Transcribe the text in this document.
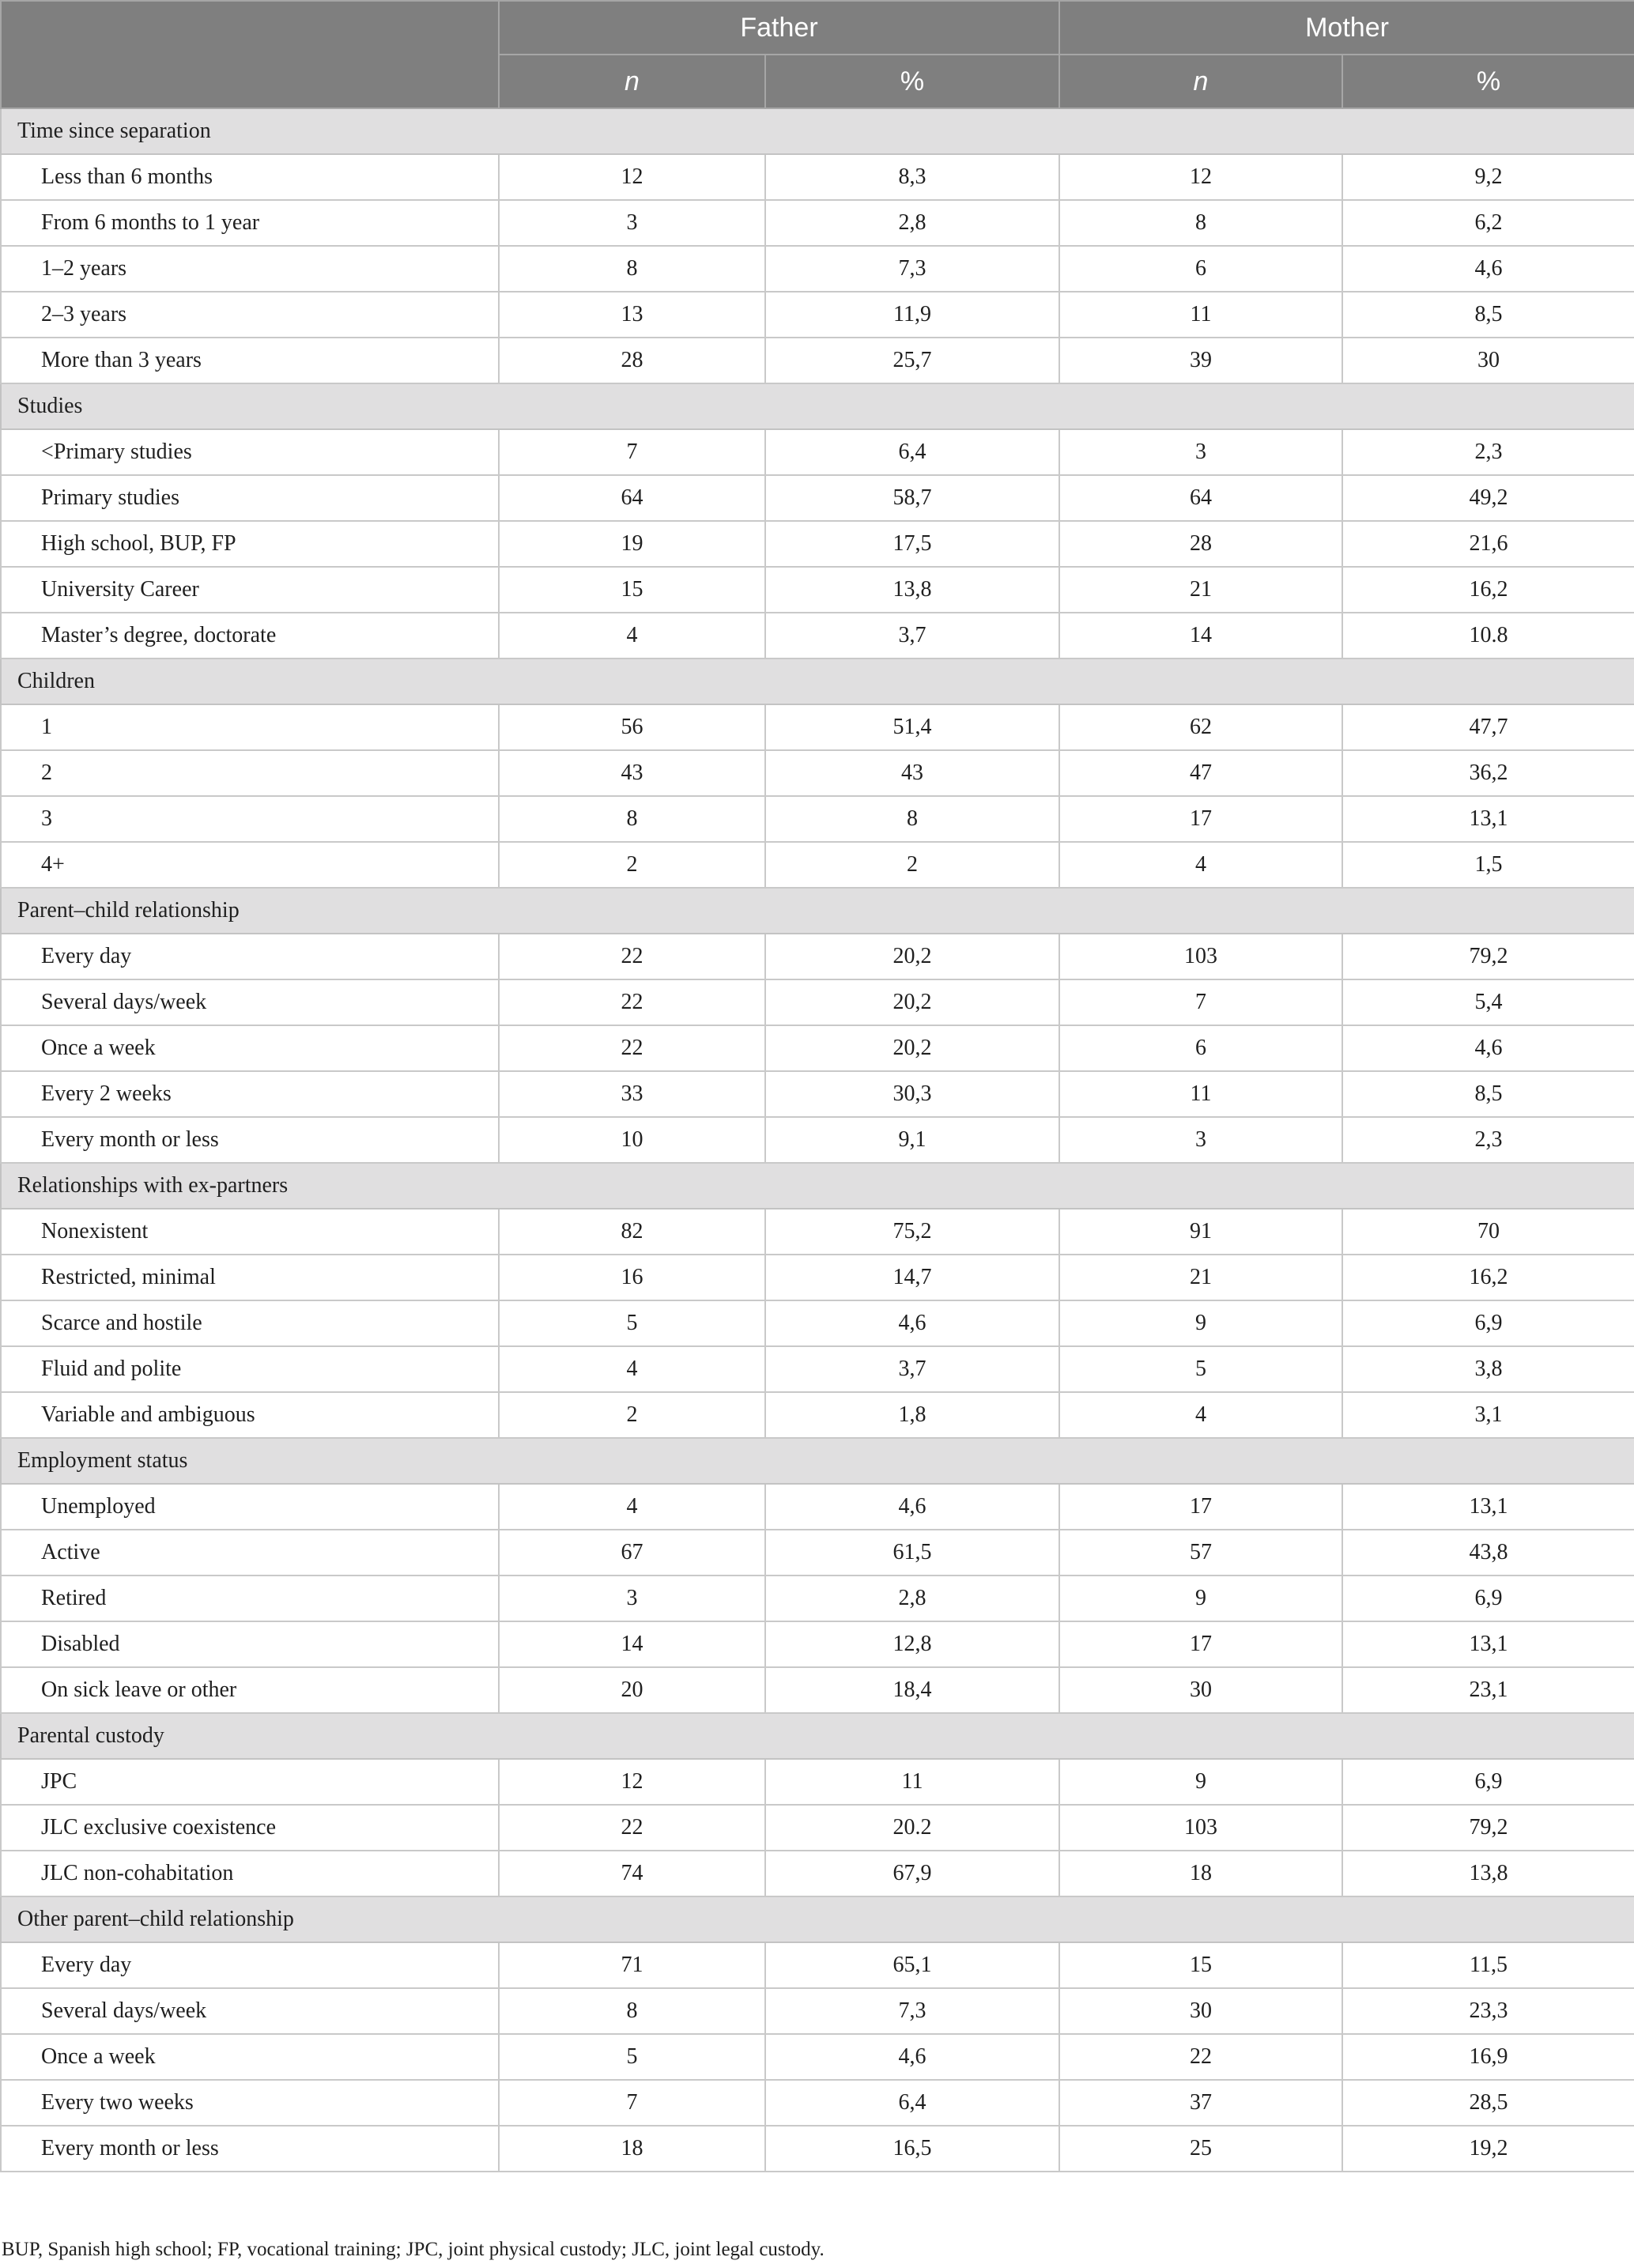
	Father		Mother	
	n	%	n	%
Time since separation				
Less than 6 months	12	8,3	12	9,2
From 6 months to 1 year	3	2,8	8	6,2
1–2 years	8	7,3	6	4,6
2–3 years	13	11,9	11	8,5
More than 3 years	28	25,7	39	30
Studies				
<Primary studies	7	6,4	3	2,3
Primary studies	64	58,7	64	49,2
High school, BUP, FP	19	17,5	28	21,6
University Career	15	13,8	21	16,2
Master’s degree, doctorate	4	3,7	14	10.8
Children				
1	56	51,4	62	47,7
2	43	43	47	36,2
3	8	8	17	13,1
4+	2	2	4	1,5
Parent–child relationship				
Every day	22	20,2	103	79,2
Several days/week	22	20,2	7	5,4
Once a week	22	20,2	6	4,6
Every 2 weeks	33	30,3	11	8,5
Every month or less	10	9,1	3	2,3
Relationships with ex-partners				
Nonexistent	82	75,2	91	70
Restricted, minimal	16	14,7	21	16,2
Scarce and hostile	5	4,6	9	6,9
Fluid and polite	4	3,7	5	3,8
Variable and ambiguous	2	1,8	4	3,1
Employment status				
Unemployed	4	4,6	17	13,1
Active	67	61,5	57	43,8
Retired	3	2,8	9	6,9
Disabled	14	12,8	17	13,1
On sick leave or other	20	18,4	30	23,1
Parental custody				
JPC	12	11	9	6,9
JLC exclusive coexistence	22	20.2	103	79,2
JLC non-cohabitation	74	67,9	18	13,8
Other parent–child relationship				
Every day	71	65,1	15	11,5
Several days/week	8	7,3	30	23,3
Once a week	5	4,6	22	16,9
Every two weeks	7	6,4	37	28,5
Every month or less	18	16,5	25	19,2
BUP, Spanish high school; FP, vocational training; JPC, joint physical custody; JLC, joint legal custody.
